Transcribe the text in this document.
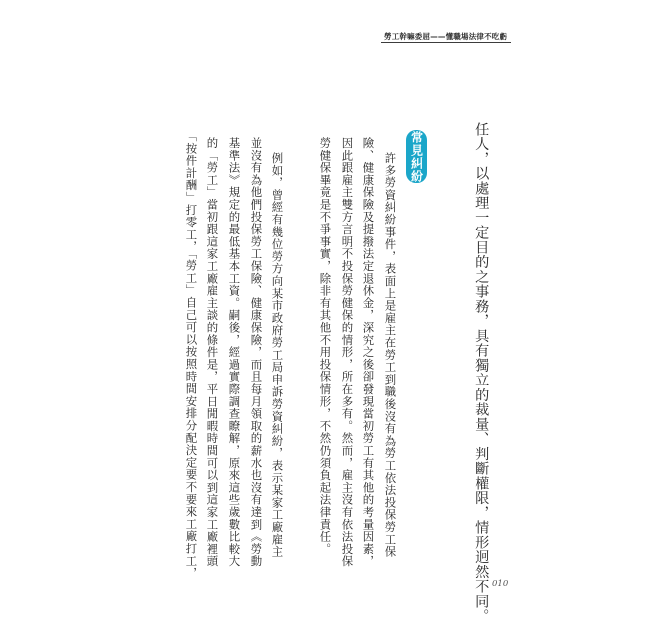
勞工幹嘛委屈——懂職場法律不吃虧
任人，以處理一定目的之事務，具有獨立的裁量、判斷權限，情形迥然不同。
常見糾紛
許多勞資糾紛事件，表面上是雇主在勞工到職後沒有為勞工依法投保勞工保
險、健康保險及提撥法定退休金，深究之後卻發現當初勞工有其他的考量因素，
因此跟雇主雙方言明不投保勞健保的情形，所在多有。然而，雇主沒有依法投保
勞健保畢竟是不爭事實，除非有其他不用投保情形，不然仍須負起法律責任。
例如，曾經有幾位勞方向某市政府勞工局申訴勞資糾紛，表示某家工廠雇主
並沒有為他們投保勞工保險、健康保險，而且每月領取的薪水也沒有達到《勞動
基準法》規定的最低基本工資。嗣後，經過實際調查瞭解，原來這些歲數比較大
的「勞工」當初跟這家工廠雇主談的條件是，平日閒暇時間可以到這家工廠裡頭
「按件計酬」打零工，「勞工」自己可以按照時間安排分配決定要不要來工廠打工，
010
